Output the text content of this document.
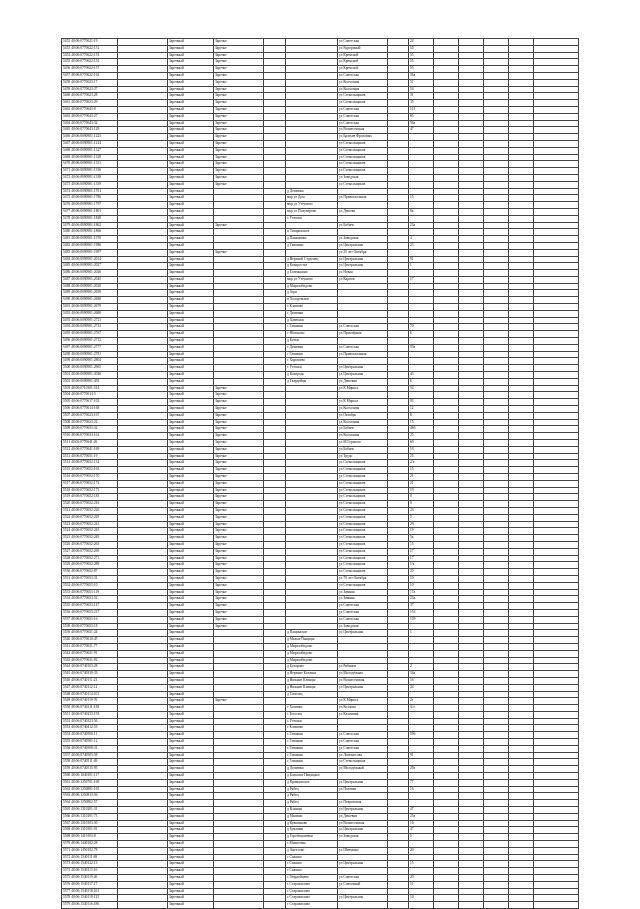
5452 40:06:0770621:19		Заречный	Заречье			ул Советская		24					
5453 40:06:0770622:152		Заречный	Заречье			ул Курортный		55					
5454 40:06:0770622:153		Заречный	Заречье			ул Кремской		55					
5455 40:06:0770622:154		Заречный	Заречье			ул Кремской		55					
5456 40:06:0770622:157		Заречный	Заречье			ул Кремской		55					
5457 40:06:0770622:162		Заречный	Заречье			ул Советская		36а					
5458 40:06:0770623:17		Заречный	Заречье			ул Колхозная		51					
5459 40:06:0770623:37		Заречный	Заречье			ул Колхозная		54					
5460 40:06:0770623:28		Заречный	Заречье			ул Стекольщиков		31					
5461 40:06:0770623:29		Заречный	Заречье			ул Стекольщиков		35					
5462 40:06:0770643:8		Заречный	Заречье			ул Советская		113					
5463 40:06:0770643:27		Заречный	Заречье			ул Советская		85					
5464 40:06:0770643:32		Заречный	Заречье			ул Советская		56а					
5465 40:06:0770643:128		Заречный	Заречье			ул Вознесенская		47					
5466 40:06:0090901:1223		Заречный	Заречье			ул Братьев Фроловых							
5467 40:06:0090901:1224		Заречный	Заречье			ул Стекольщиков							
5468 40:06:0090901:1327		Заречный	Заречье			ул Стекольщиков							
5469 40:06:0090901:1328		Заречный	Заречье			ул Стекольщиков							
5470 40:06:0090901:1331		Заречный	Заречье			ул Стекольщиков							
5471 40:06:0090901:1336		Заречный	Заречье			ул Стекольщиков							
5472 40:06:0090901:1338		Заречный	Заречье			ул Заводская							
5473 40:06:0090901:1339		Заречный	Заречье			ул Стекольщиков							
5474 40:06:0090901:1761		Заречный			д Дешевки								
5475 40:06:0090901:1786		Заречный			мкр ул Дом	ул Привокзальная		15					
5476 40:06:0090901:1797		Заречный			мкр ул Утеуново								
5477 40:06:0090901:1801		Заречный			мкр ул Полуверово	ул Дешева		8а					
5478 40:06:0090901:1848		Заречный			с Утешки								
5479 40:06:0090901:1862		Заречный	Заречье			ул Бабаев		23а					
5480 40:06:0090901:1866		Заречный			п Тишрижское								
5481 40:06:0090901:1970		Заречный			д Панкиевки	ул Заводская		4					
5482 40:06:0090901:1986		Заречный			д Гавшино	ул Центральная		23					
5483 40:06:0090901:1997		Заречный	Заречье			ул 25 лет Октября							
5484 40:06:0090901:2014		Заречный			д Верхний Студенец	ул Центральная		91					
5485 40:06:0090901:2027		Заречный			д Козиростье	ул Центральная		1					
5486 40:06:0090901:2026		Заречный			д Бозенькино	ул Новая							
5487 40:06:0090901:2045		Заречный			мкр ул Утеуново	ул Карпов		17					
5488 40:06:0090901:2020		Заречный			д Мирзаобидово								
5489 40:06:0090901:2659		Заречный			д Зоря								
5490 40:06:0090901:2680		Заречный			п Холодевское								
5491 40:06:0090901:2679		Заречный			с Климово								
5492 40:06:0090901:2680		Заречный			с Дешевки								
5493 40:06:0090901:2721		Заречный			д Хавешки								
5494 40:06:0090901:2752		Заречный			с Гавшино	ул Советская		70					
5495 40:06:0090901:2767		Заречный			с Яблоново	ул Приозёрная		6					
5496 40:06:0090901:2712		Заречный			д Ботки								
5497 40:06:0090901:2777		Заречный			с Дешевки	ул Советская		59а					
5498 40:06:0090901:2781		Заречный			с Гавшино	ул Привокзальная							
5499 40:06:0090901:2804		Заречный			с Хорошево								
5500 40:06:0090901:2965		Заречный			с Утешки	ул Центральная							
5501 40:06:0090901:3046		Заречный			д Козиродь	ул Центральная		43					
5502 40:06:0090901:459		Заречный			д Гвардейцы	ул Дешевки		6					
5503 40:06:0710301:514		Заречный	Заречье			ул К Маркса		54					
5504 40:06:0770614:5		Заречный	Заречье										
5505 40:06:0770617:102		Заречный	Заречье			ул К Маркса		93					
5506 40:06:0770614:168		Заречный	Заречье			ул Колхозная		12					
5507 40:06:0770623:167		Заречный	Заречье			ул Октябрь		8					
5508 40:06:0770623:22		Заречный	Заречье			ул Колхозная		15					
5509 40:06:0770633:32		Заречный	Заречье			ул Бабаев		46б					
5510 40:06:0770633:161		Заречный	Заречье			ул Колхозная		25					
5511 40:06:0770641:26		Заречный	Заречье			ул М Горького		69					
5512 40:06:0770641:169		Заречный	Заречье			ул Бабаев		53					
5513 40:06:0770651:19		Заречный	Заречье			ул Трудо		25					
5514 40:06:0770652:132		Заречный	Заречье			ул Стекольщиков		2/а					
5515 40:06:0770652:163		Заречный	Заречье			ул Стекольщиков		15					
5516 40:06:0770652:170		Заречный	Заречье			ул Стекольщиков		21					
5517 40:06:0770652:172		Заречный	Заречье			ул Стекольщиков		21					
5518 40:06:0770652:175		Заречный	Заречье			ул Стекольщиков		19					
5519 40:06:0770652:183		Заречный	Заречье			ул Стекольщиков		8					
5520 40:06:0770652:216		Заречный	Заречье			ул Стекольщиков		9					
5521 40:06:0770652:226		Заречный	Заречье			ул Стекольщиков		23					
5522 40:06:0770652:229		Заречный	Заречье			ул Стекольщиков		5					
5523 40:06:0770652:241		Заречный	Заречье			ул Стекольщиков		29					
5524 40:06:0770652:243		Заречный	Заречье			ул Стекольщиков		19					
5525 40:06:0770652:249		Заречный	Заречье			ул Стекольщиков		5а					
5526 40:06:0770652:265		Заречный	Заречье			ул Стекольщиков		15					
5527 40:06:0770652:269		Заречный	Заречье			ул Стекольщиков		17					
5528 40:06:0770652:271		Заречный	Заречье			ул Стекольщиков		17					
5529 40:06:0770652:289		Заречный	Заречье			ул Стекольщиков		1/а					
5530 40:06:0770652:87		Заречный	Заречье			ул Стекольщиков		29					
5531 40:06:0770653:31		Заречный	Заречье			ул 70 лет Октября		19					
5532 40:06:0770653:10		Заречный	Заречье			ул Стекольщиков		10					
5533 40:06:0770653:119		Заречный	Заречье			ул Зимняя		17а					
5534 40:06:0770653:52		Заречный	Заречье			ул Зимняя		23а					
5535 40:06:0770653:147		Заречный	Заречье			ул Советская		37					
5536 40:06:0770653:217		Заречный	Заречье			ул Советская		153					
5537 40:06:0770653:16		Заречный	Заречье			ул Советская		159					
5538 40:06:0770653:18		Заречный	Заречье			ул Заводская							
5539 40:06:0770631:24		Заречный			д Пащинское	ул Центральная		1					
5540 40:06:0770610:45		Заречный			д Малые Пащицы								
5541 40:06:0770631:77		Заречный			д Мирзаобидово								
5542 40:06:0770631:91		Заречный			д Мирзаобидово								
5543 40:06:0770631:92		Заречный			д Мирзаобидово								
5544 40:06:0740103:28		Заречный			д Бухарово	ул Рябинов		2					
5545 40:06:0740339:33		Заречный			д Верхние Козачки	ул Молодёжная		34а					
5546 40:06:0740111:23		Заречный			д Нижние Клинцы	ул Вознесенская		16					
5547 40:06:0740112:12		Заречный			д Нижние Клинцы	ул Центральная		24					
5548 40:06:0740114:101		Заречный			д Тополец								
5549 40:06:0740119:76		Заречный	Заречье			ул К Маркса		2г					
5550 40:06:0740211:158		Заречный			с Хотивки	ул Козлова		3/л					
5551 40:06:0740233:193		Заречный			с Тополец	ул Калинина							
5552 40:06:0740323:56		Заречный			с Утешки								
5553 40:06:0740412:53		Заречный			с Климово								
5554 40:06:0740500:11		Заречный			с Гавшино	ул Советская		59б					
5555 40:06:0740501:12		Заречный			с Гавшино	ул Советская							
5556 40:06:0740508:31		Заречный			с Гавшино	ул Советская							
5557 40:06:0740505:58		Заречный			с Гавшино	ул Ломоносова		91					
5558 40:06:0740511:49		Заречный			с Гавшино	ул Стекольщиков							
5559 40:06:0740515:95		Заречный			д Дешевки	ул Молодёжный		29а					
5560 40:06:1040101:117		Заречный			д Большое Пащицкое								
5561 40:06:1250701:169		Заречный			д Кривцовское	ул Центральная		77					
5562 40:06:1250801:165		Заречный			д Рябец	ул Полевая		16					
5563 40:06:1250813:56		Заречный			д Рябец								
5564 40:06:1250802:57		Заречный			д Рябец	ул Покровская							
5565 40:06:1310201:31		Заречный			д Клинцы	ул Центральная		47					
5566 40:06:1310101:73		Заречный			д Мамино	ул Дешевки		25а					
5567 40:06:1310103:50		Заречный			д Кувшиново	ул Вознесенская		16					
5568 40:06:1310301:91		Заречный			д Букашки	ул Центральная		47					
5569 40:06:1410103:8		Заречный			д Горобецкиевки	ул Заводская		5					
5570 40:06:1440102:28		Заречный			с Мишечень								
5571 40:06:1450102:78		Заречный			д Ангелово	ул Шевченко		20					
5572 40:06:1540111:69		Заречный			с Сажино								
5573 40:06:1540122:13		Заречный			с Сажино	ул Центральная		15					
5574 40:06:1540113:16		Заречный			с Сажино								
5575 40:06:1540119:26		Заречный			с Гвардейцево	ул Советская		20					
5576 40:06:1540117:17		Заречный			с Старожилово	ул Совхозный		11					
5577 40:06:1540118:161		Заречный			с Старожилово								
5578 40:06:1540110:125		Заречный			с Старожилово	ул Центральная		10					
5579 40:06:1540116:186		Заречный			с Старожилово								
